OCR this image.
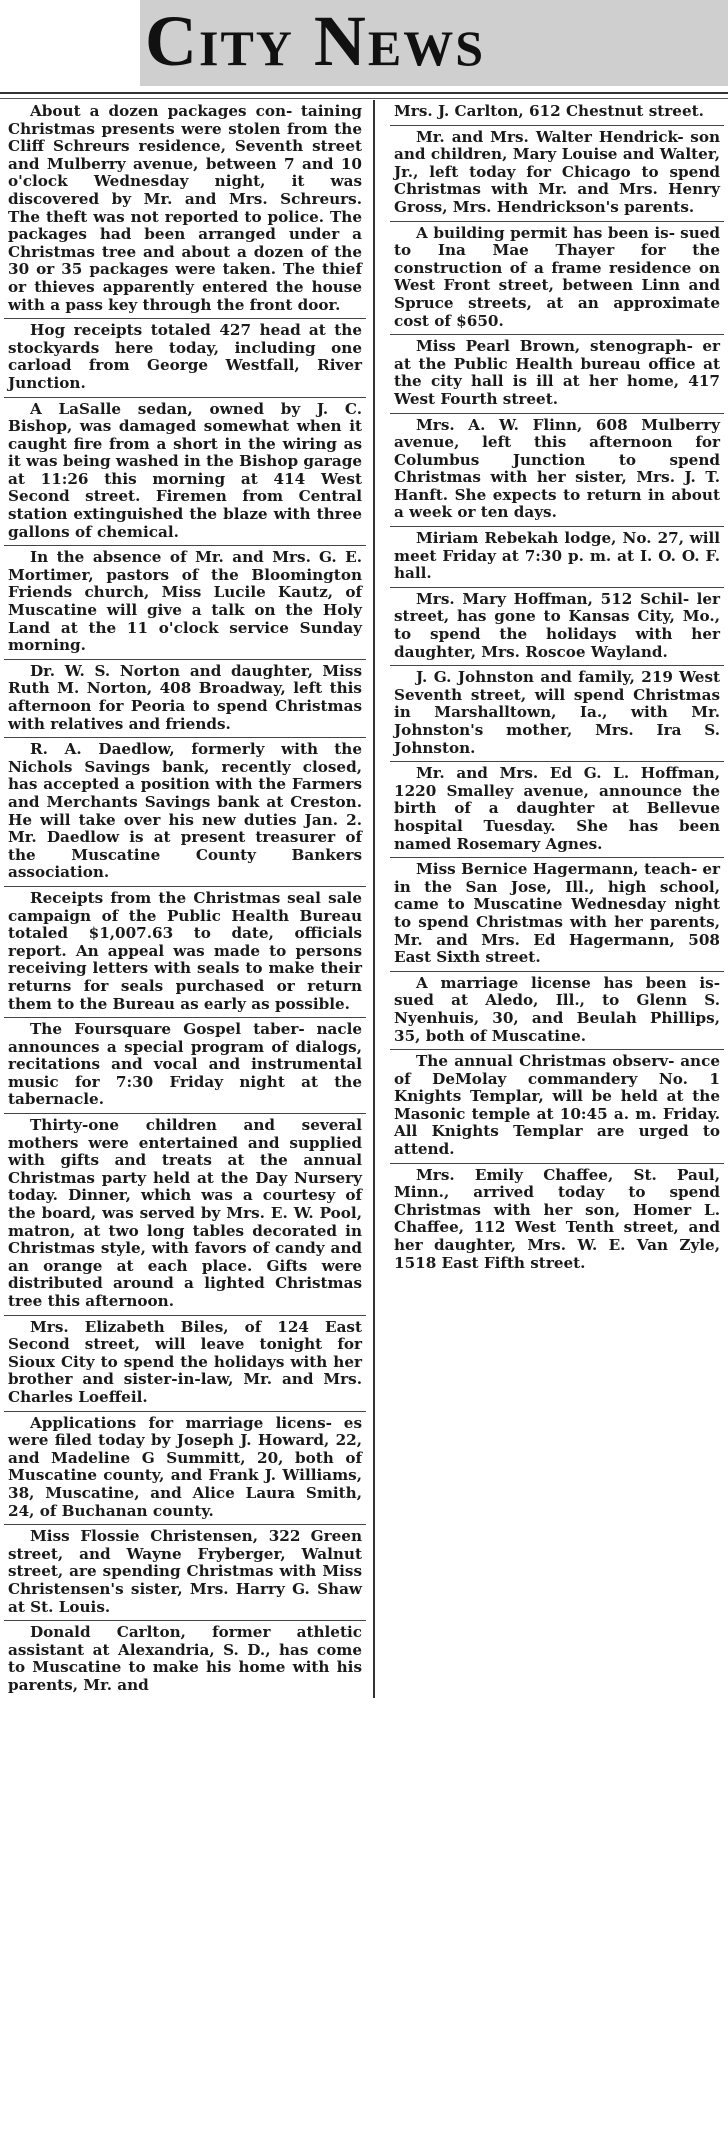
City News

About a dozen packages con- taining Christmas presents were stolen from the Cliff Schreurs residence, Seventh street and Mulberry avenue, between 7 and 10 o'clock Wednesday night, it was discovered by Mr. and Mrs. Schreurs. The theft was not reported to police. The packages had been arranged under a Christmas tree and about a dozen of the 30 or 35 packages were taken. The thief or thieves apparently entered the house with a pass key through the front door.

Hog receipts totaled 427 head at the stockyards here today, including one carload from George Westfall, River Junction.

A LaSalle sedan, owned by J. C. Bishop, was damaged somewhat when it caught fire from a short in the wiring as it was being washed in the Bishop garage at 11:26 this morning at 414 West Second street. Firemen from Central station extinguished the blaze with three gallons of chemical.

In the absence of Mr. and Mrs. G. E. Mortimer, pastors of the Bloomington Friends church, Miss Lucile Kautz, of Muscatine will give a talk on the Holy Land at the 11 o'clock service Sunday morning.

Dr. W. S. Norton and daughter, Miss Ruth M. Norton, 408 Broadway, left this afternoon for Peoria to spend Christmas with relatives and friends.

R. A. Daedlow, formerly with the Nichols Savings bank, recently closed, has accepted a position with the Farmers and Merchants Savings bank at Creston. He will take over his new duties Jan. 2. Mr. Daedlow is at present treasurer of the Muscatine County Bankers association.

Receipts from the Christmas seal sale campaign of the Public Health Bureau totaled $1,007.63 to date, officials report. An appeal was made to persons receiving letters with seals to make their returns for seals purchased or return them to the Bureau as early as possible.

The Foursquare Gospel taber- nacle announces a special program of dialogs, recitations and vocal and instrumental music for 7:30 Friday night at the tabernacle.

Thirty-one children and several mothers were entertained and supplied with gifts and treats at the annual Christmas party held at the Day Nursery today. Dinner, which was a courtesy of the board, was served by Mrs. E. W. Pool, matron, at two long tables decorated in Christmas style, with favors of candy and an orange at each place. Gifts were distributed around a lighted Christmas tree this afternoon.

Mrs. Elizabeth Biles, of 124 East Second street, will leave tonight for Sioux City to spend the holidays with her brother and sister-in-law, Mr. and Mrs. Charles Loeffeil.

Applications for marriage licens- es were filed today by Joseph J. Howard, 22, and Madeline G Summitt, 20, both of Muscatine county, and Frank J. Williams, 38, Muscatine, and Alice Laura Smith, 24, of Buchanan county.

Miss Flossie Christensen, 322 Green street, and Wayne Fryberger, Walnut street, are spending Christmas with Miss Christensen's sister, Mrs. Harry G. Shaw at St. Louis.

Donald Carlton, former athletic assistant at Alexandria, S. D., has come to Muscatine to make his home with his parents, Mr. and

Mrs. J. Carlton, 612 Chestnut street.

Mr. and Mrs. Walter Hendrick- son and children, Mary Louise and Walter, Jr., left today for Chicago to spend Christmas with Mr. and Mrs. Henry Gross, Mrs. Hendrickson's parents.

A building permit has been is- sued to Ina Mae Thayer for the construction of a frame residence on West Front street, between Linn and Spruce streets, at an approximate cost of $650.

Miss Pearl Brown, stenograph- er at the Public Health bureau office at the city hall is ill at her home, 417 West Fourth street.

Mrs. A. W. Flinn, 608 Mulberry avenue, left this afternoon for Columbus Junction to spend Christmas with her sister, Mrs. J. T. Hanft. She expects to return in about a week or ten days.

Miriam Rebekah lodge, No. 27, will meet Friday at 7:30 p. m. at I. O. O. F. hall.

Mrs. Mary Hoffman, 512 Schil- ler street, has gone to Kansas City, Mo., to spend the holidays with her daughter, Mrs. Roscoe Wayland.

J. G. Johnston and family, 219 West Seventh street, will spend Christmas in Marshalltown, Ia., with Mr. Johnston's mother, Mrs. Ira S. Johnston.

Mr. and Mrs. Ed G. L. Hoffman, 1220 Smalley avenue, announce the birth of a daughter at Bellevue hospital Tuesday. She has been named Rosemary Agnes.

Miss Bernice Hagermann, teach- er in the San Jose, Ill., high school, came to Muscatine Wednesday night to spend Christmas with her parents, Mr. and Mrs. Ed Hagermann, 508 East Sixth street.

A marriage license has been is- sued at Aledo, Ill., to Glenn S. Nyenhuis, 30, and Beulah Phillips, 35, both of Muscatine.

The annual Christmas observ- ance of DeMolay commandery No. 1 Knights Templar, will be held at the Masonic temple at 10:45 a. m. Friday. All Knights Templar are urged to attend.

Mrs. Emily Chaffee, St. Paul, Minn., arrived today to spend Christmas with her son, Homer L. Chaffee, 112 West Tenth street, and her daughter, Mrs. W. E. Van Zyle, 1518 East Fifth street.
